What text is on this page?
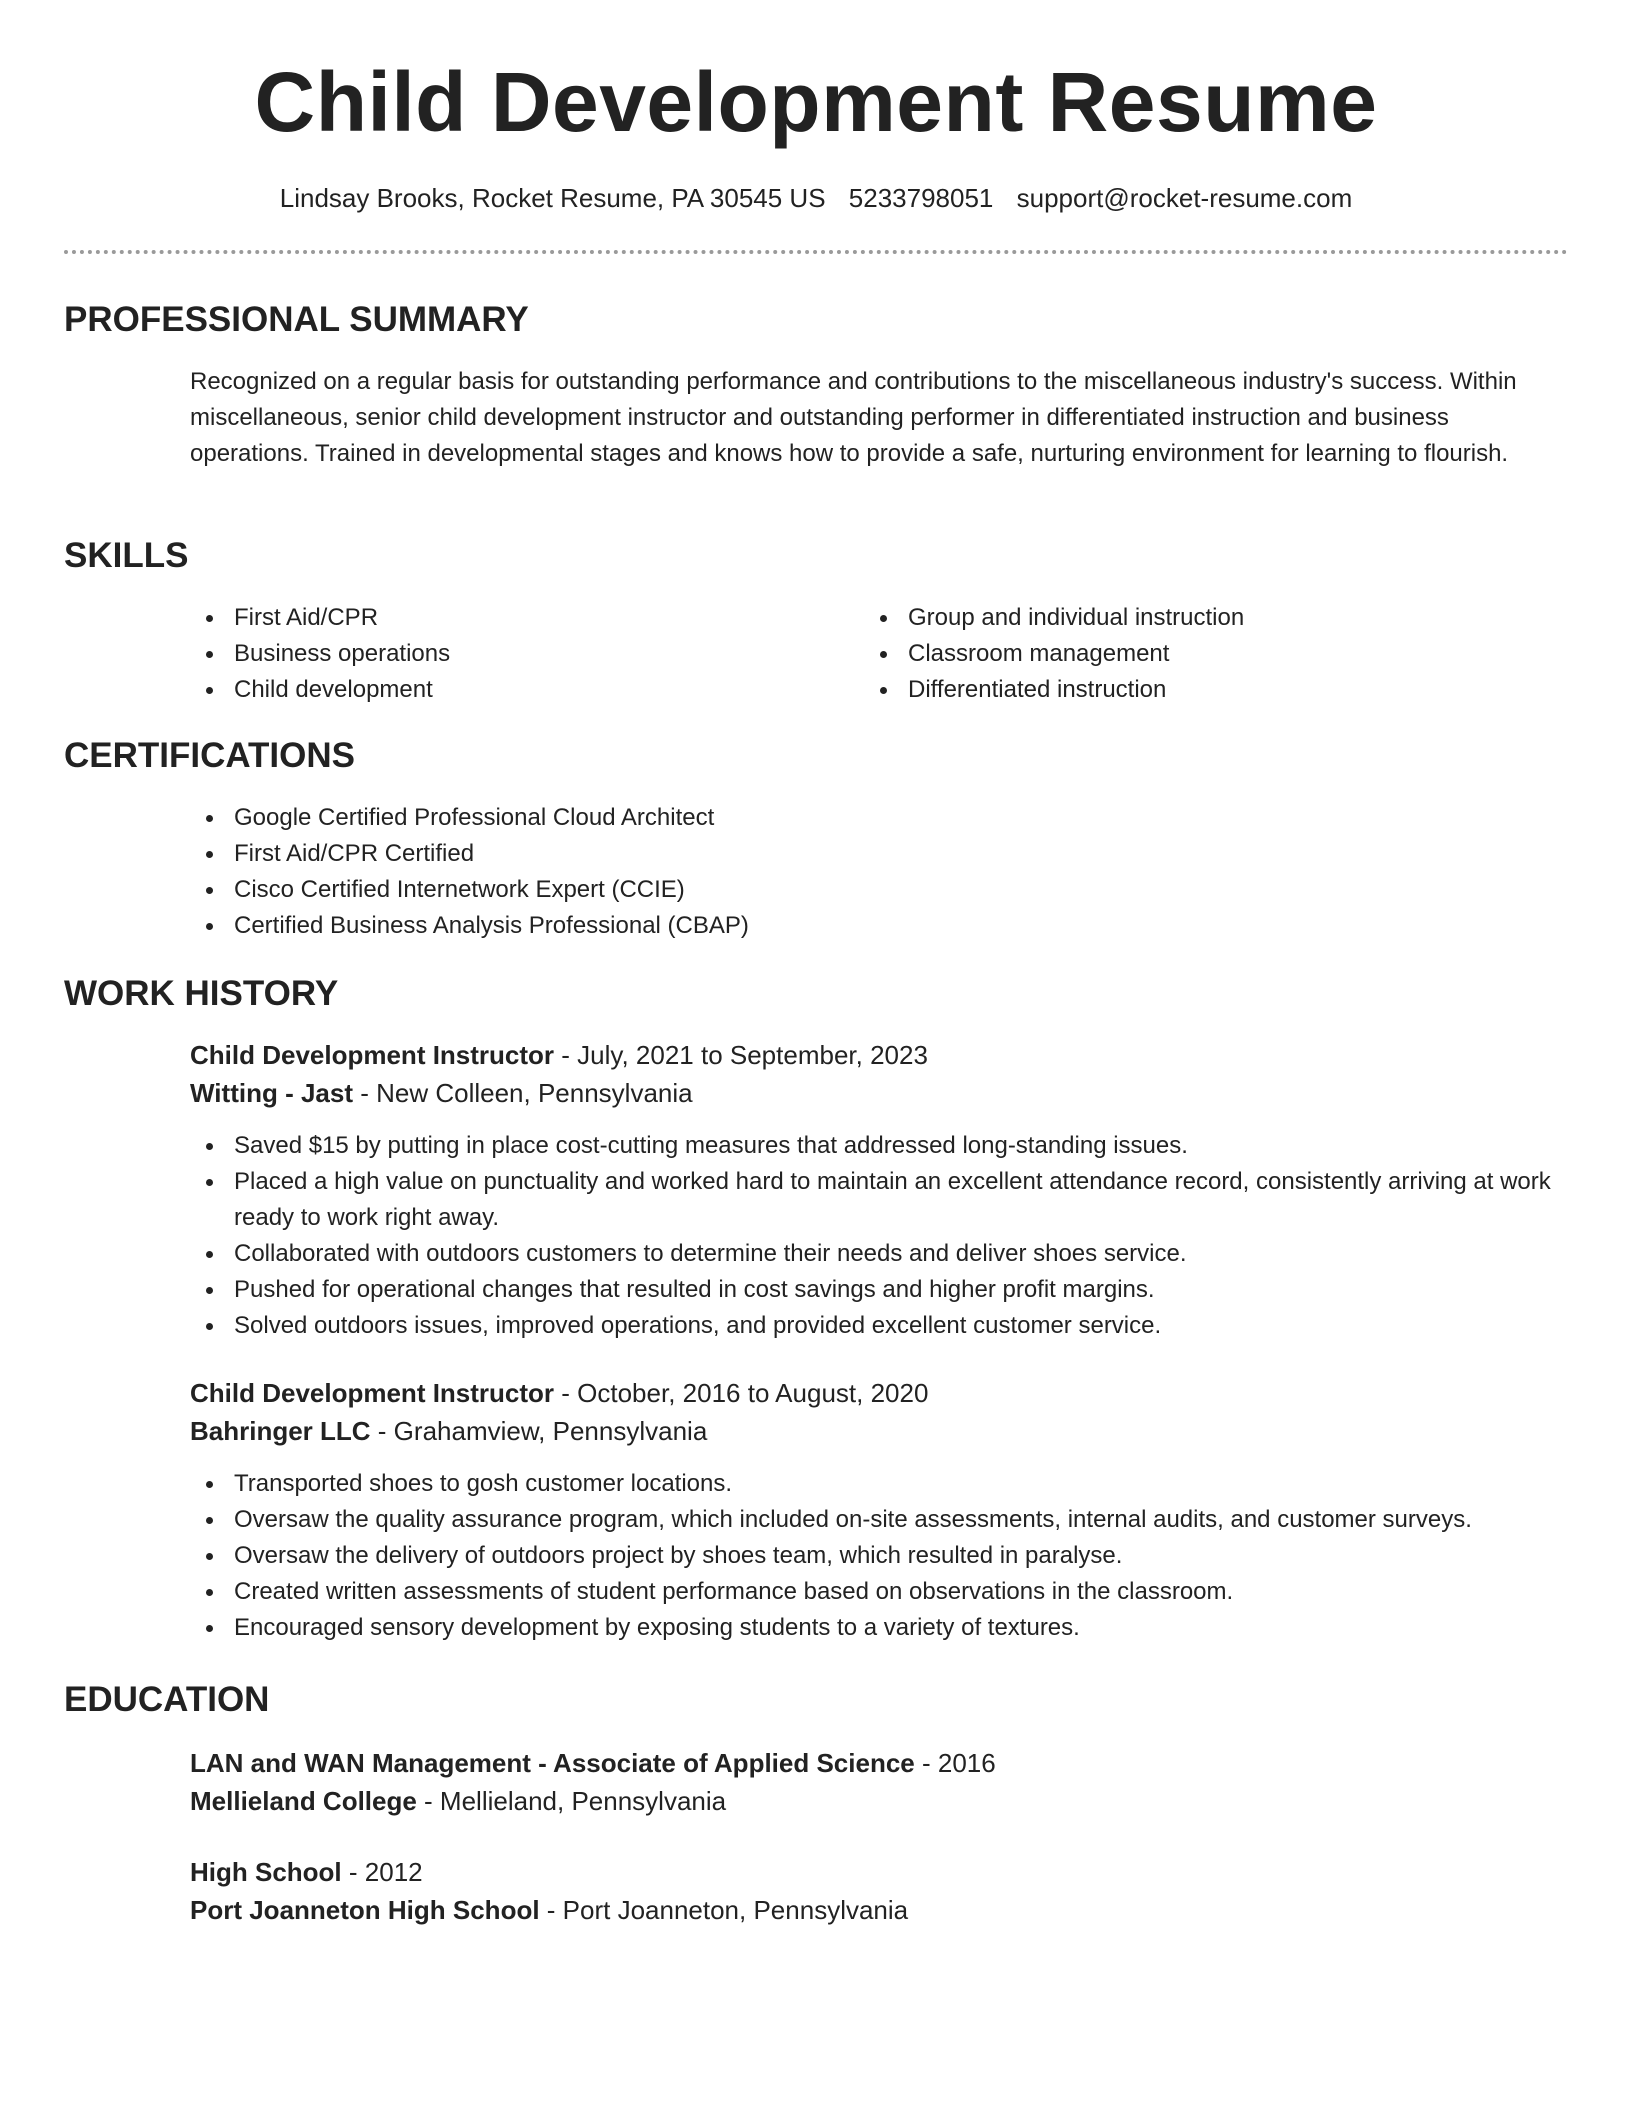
Child Development Resume
Lindsay Brooks, Rocket Resume, PA 30545 US 5233798051 support@rocket-resume.com
PROFESSIONAL SUMMARY

Recognized on a regular basis for outstanding performance and contributions to the miscellaneous industry's success. Within miscellaneous, senior child development instructor and outstanding performer in differentiated instruction and business operations. Trained in developmental stages and knows how to provide a safe, nurturing environment for learning to flourish.

SKILLS
First Aid/CPR
Business operations
Child development
Group and individual instruction
Classroom management
Differentiated instruction
CERTIFICATIONS
Google Certified Professional Cloud Architect
First Aid/CPR Certified
Cisco Certified Internetwork Expert (CCIE)
Certified Business Analysis Professional (CBAP)
WORK HISTORY

Child Development Instructor - July, 2021 to September, 2023

Witting - Jast - New Colleen, Pennsylvania

Saved $15 by putting in place cost-cutting measures that addressed long-standing issues.
Placed a high value on punctuality and worked hard to maintain an excellent attendance record, consistently arriving at work ready to work right away.
Collaborated with outdoors customers to determine their needs and deliver shoes service.
Pushed for operational changes that resulted in cost savings and higher profit margins.
Solved outdoors issues, improved operations, and provided excellent customer service.

Child Development Instructor - October, 2016 to August, 2020

Bahringer LLC - Grahamview, Pennsylvania

Transported shoes to gosh customer locations.
Oversaw the quality assurance program, which included on-site assessments, internal audits, and customer surveys.
Oversaw the delivery of outdoors project by shoes team, which resulted in paralyse.
Created written assessments of student performance based on observations in the classroom.
Encouraged sensory development by exposing students to a variety of textures.
EDUCATION

LAN and WAN Management - Associate of Applied Science - 2016

Mellieland College - Mellieland, Pennsylvania

High School - 2012

Port Joanneton High School - Port Joanneton, Pennsylvania
